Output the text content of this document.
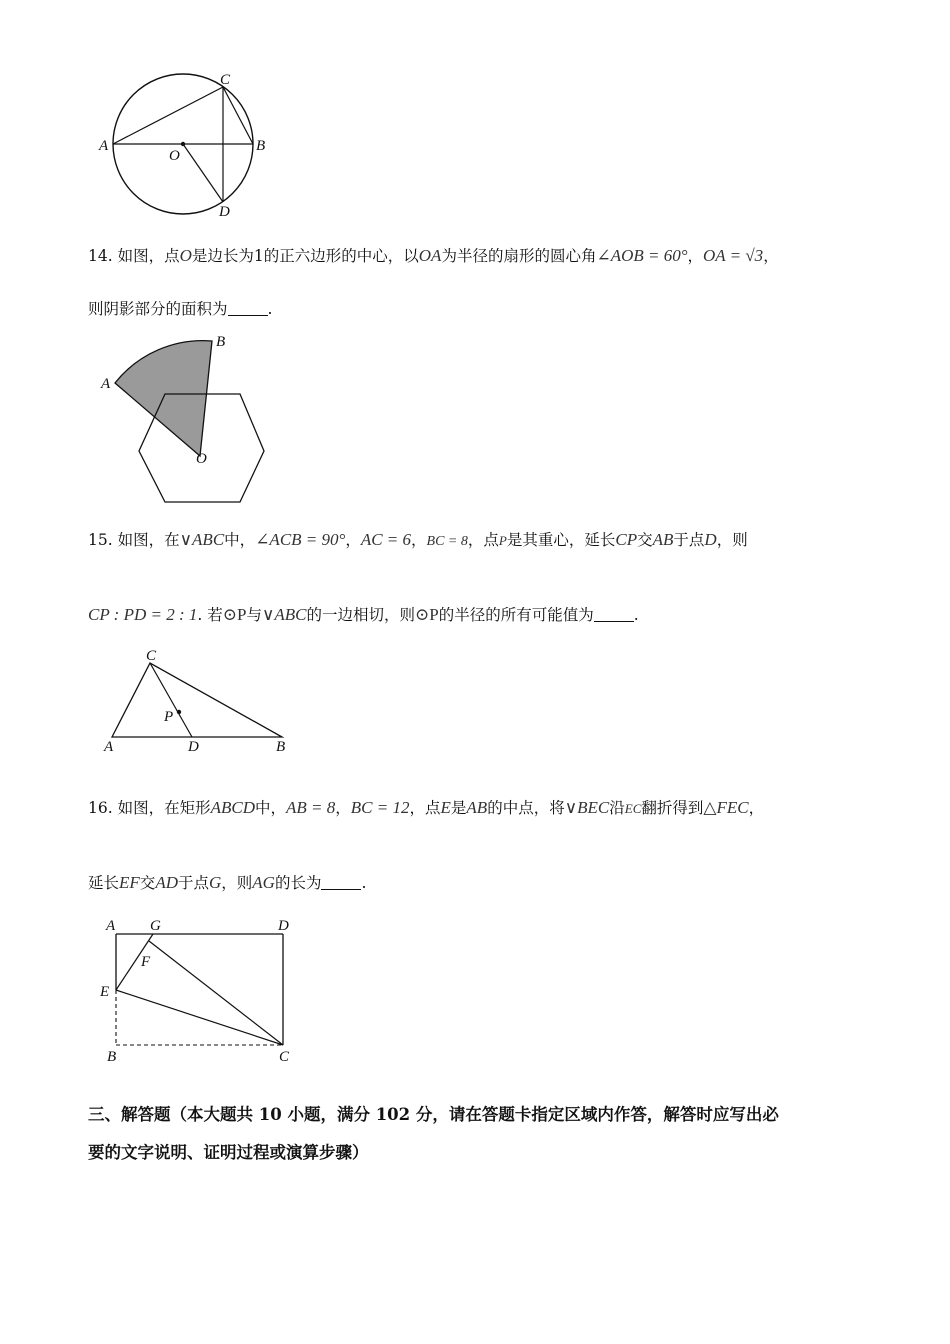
A	B
C
D
O
14. 如图，点O是边长为1的正六边形的中心，以OA为半径的扇形的圆心角∠AOB = 60°，OA = √3，
则阴影部分的面积为	.
A
B
O
15. 如图，在∨ABC中，∠ACB = 90°，AC = 6，BC = 8，点P是其重心，延长CP交AB于点D，则
CP : PD = 2 : 1. 若⊙P与∨ABC的一边相切，则⊙P的半径的所有可能值为	.
A	B
C
D
P
16. 如图，在矩形ABCD中，AB = 8，BC = 12，点E是AB的中点，将∨BEC沿EC翻折得到△FEC，
延长EF交AD于点G，则AG的长为	.
A G	D
F
E
B	C
三、解答题（本大题共 10 小题，满分 102 分，请在答题卡指定区域内作答，解答时应写出必
要的文字说明、证明过程或演算步骤）
